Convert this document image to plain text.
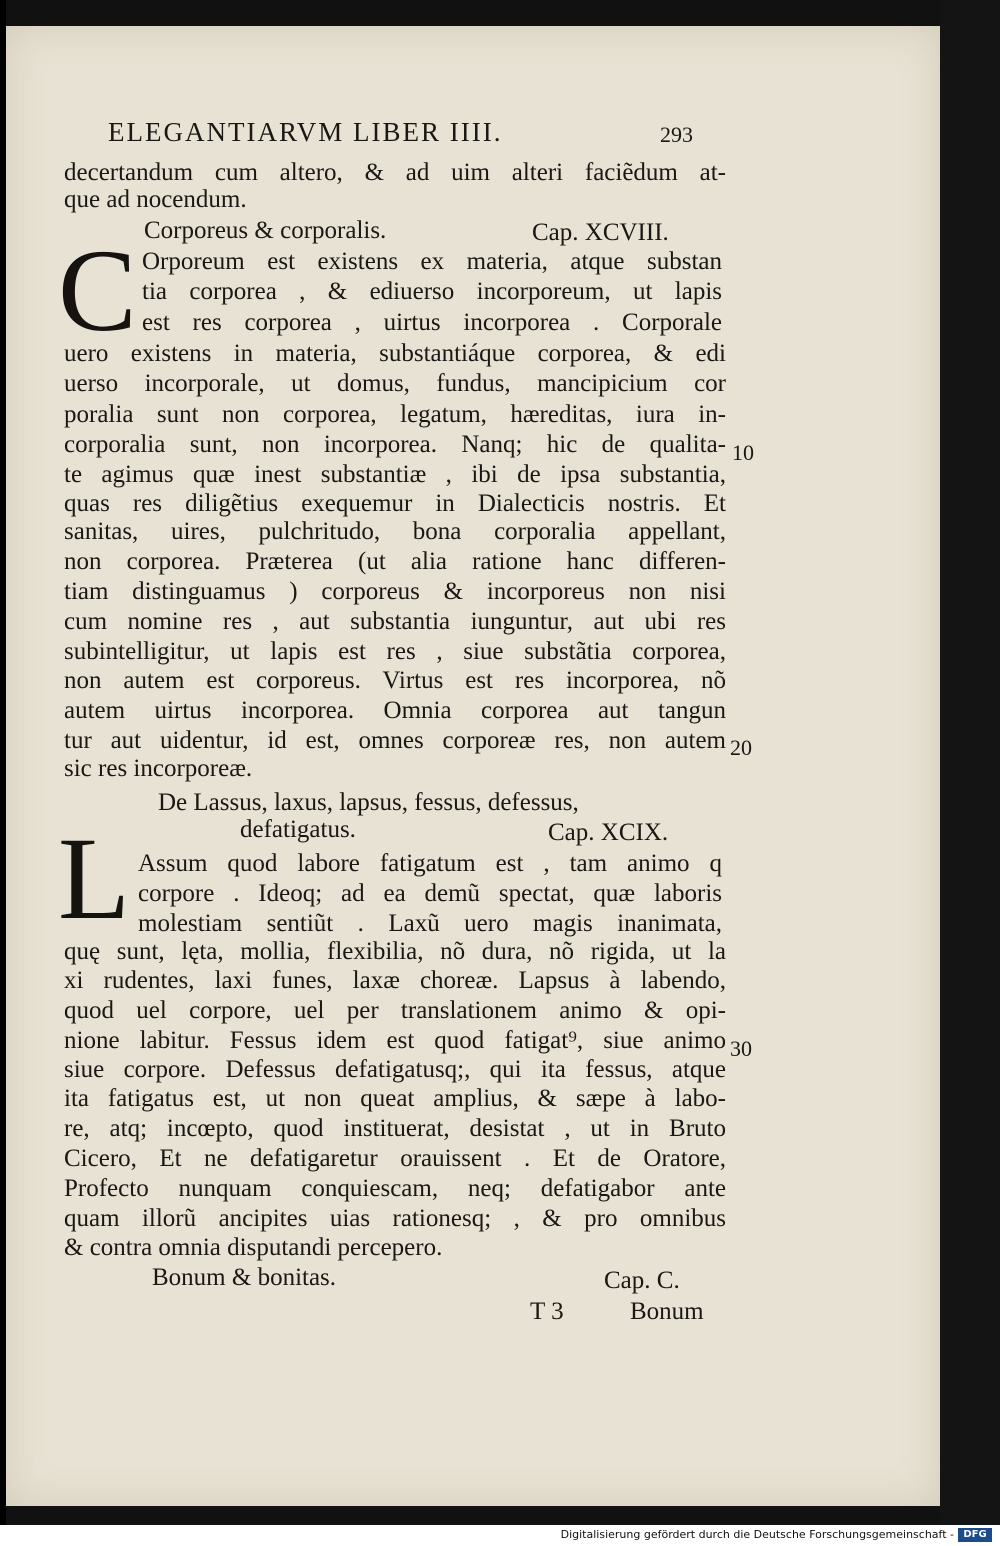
ELEGANTIARVM LIBER IIII.	293
decertandum cum altero, & ad uim alteri faciẽdum at-
que ad nocendum.
Corporeus & corporalis.	Cap. XCVIII.
C Orporeum est existens ex materia, atque substan
tia corporea , & ediuerso incorporeum, ut lapis
est res corporea , uirtus incorporea . Corporale
uero existens in materia, substantiáque corporea, & edi
uerso incorporale, ut domus, fundus, mancipicium cor
poralia sunt non corporea, legatum, hæreditas, iura in-
corporalia sunt, non incorporea. Nanq; hic de qualita-
te agimus quæ inest substantiæ , ibi de ipsa substantia,
quas res diligẽtius exequemur in Dialecticis nostris. Et
sanitas, uires, pulchritudo, bona corporalia appellant,
non corporea. Præterea (ut alia ratione hanc differen-
tiam distinguamus ) corporeus & incorporeus non nisi
cum nomine res , aut substantia iunguntur, aut ubi res
subintelligitur, ut lapis est res , siue substãtia corporea,
non autem est corporeus. Virtus est res incorporea, nõ
autem uirtus incorporea. Omnia corporea aut tangun
tur aut uidentur, id est, omnes corporeæ res, non autem
sic res incorporeæ.
De Lassus, laxus, lapsus, fessus, defessus,
defatigatus.	Cap. XCIX.
L Assum quod labore fatigatum est , tam animo q
corpore . Ideoq; ad ea demũ spectat, quæ laboris
molestiam sentiũt . Laxũ uero magis inanimata,
quę sunt, lęta, mollia, flexibilia, nõ dura, nõ rigida, ut la
xi rudentes, laxi funes, laxæ choreæ. Lapsus à labendo,
quod uel corpore, uel per translationem animo & opi-
nione labitur. Fessus idem est quod fatigat⁹, siue animo
siue corpore. Defessus defatigatusq;, qui ita fessus, atque
ita fatigatus est, ut non queat amplius, & sæpe à labo-
re, atq; incœpto, quod instituerat, desistat , ut in Bruto
Cicero, Et ne defatigaretur orauissent . Et de Oratore,
Profecto nunquam conquiescam, neq; defatigabor ante
quam illorũ ancipites uias rationesq; , & pro omnibus
& contra omnia disputandi percepero.
Bonum & bonitas.	Cap. C.
T 3	Bonum
10
20
30
Digitalisierung gefördert durch die Deutsche Forschungsgemeinschaft - DFG
